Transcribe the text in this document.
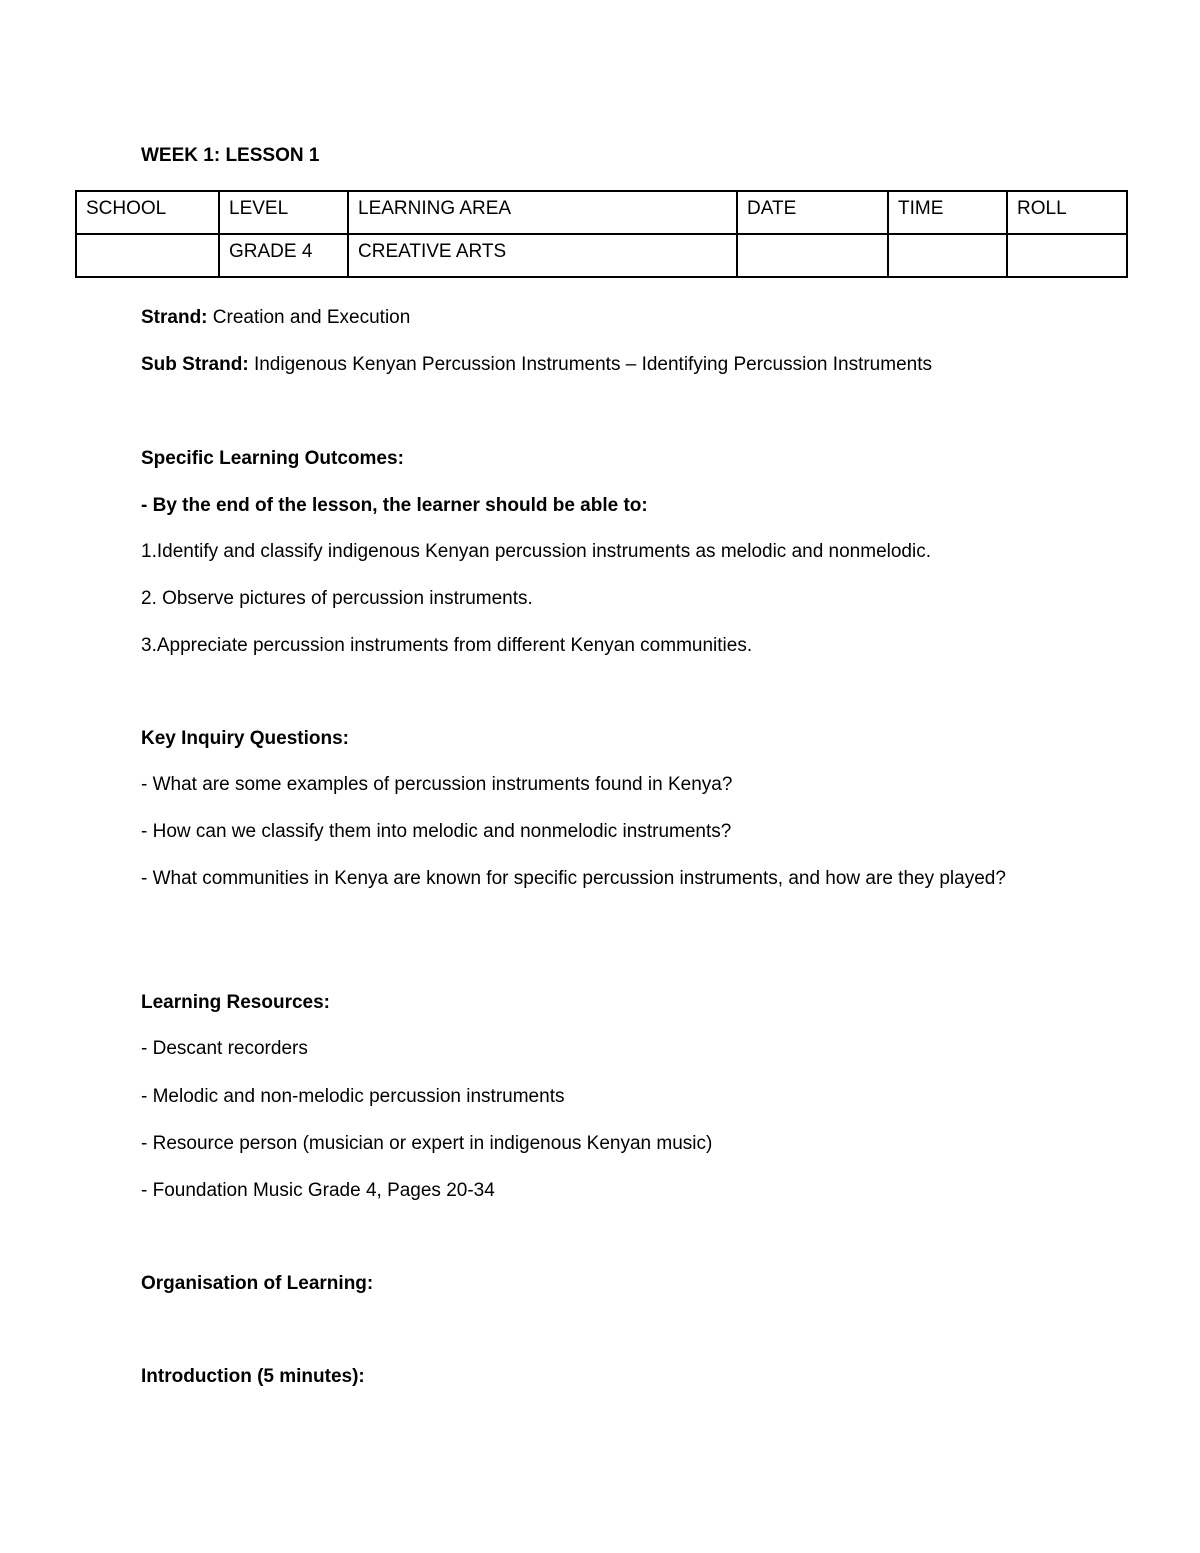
WEEK 1: LESSON 1
SCHOOL	LEVEL	LEARNING AREA	DATE	TIME	ROLL
	GRADE 4	CREATIVE ARTS			
Strand: Creation and Execution
Sub Strand: Indigenous Kenyan Percussion Instruments – Identifying Percussion Instruments
Specific Learning Outcomes:
- By the end of the lesson, the learner should be able to:
1.Identify and classify indigenous Kenyan percussion instruments as melodic and nonmelodic.
2. Observe pictures of percussion instruments.
3.Appreciate percussion instruments from different Kenyan communities.
Key Inquiry Questions:
- What are some examples of percussion instruments found in Kenya?
- How can we classify them into melodic and nonmelodic instruments?
- What communities in Kenya are known for specific percussion instruments, and how are they played?
Learning Resources:
- Descant recorders
- Melodic and non-melodic percussion instruments
- Resource person (musician or expert in indigenous Kenyan music)
- Foundation Music Grade 4, Pages 20-34
Organisation of Learning:
Introduction (5 minutes):
